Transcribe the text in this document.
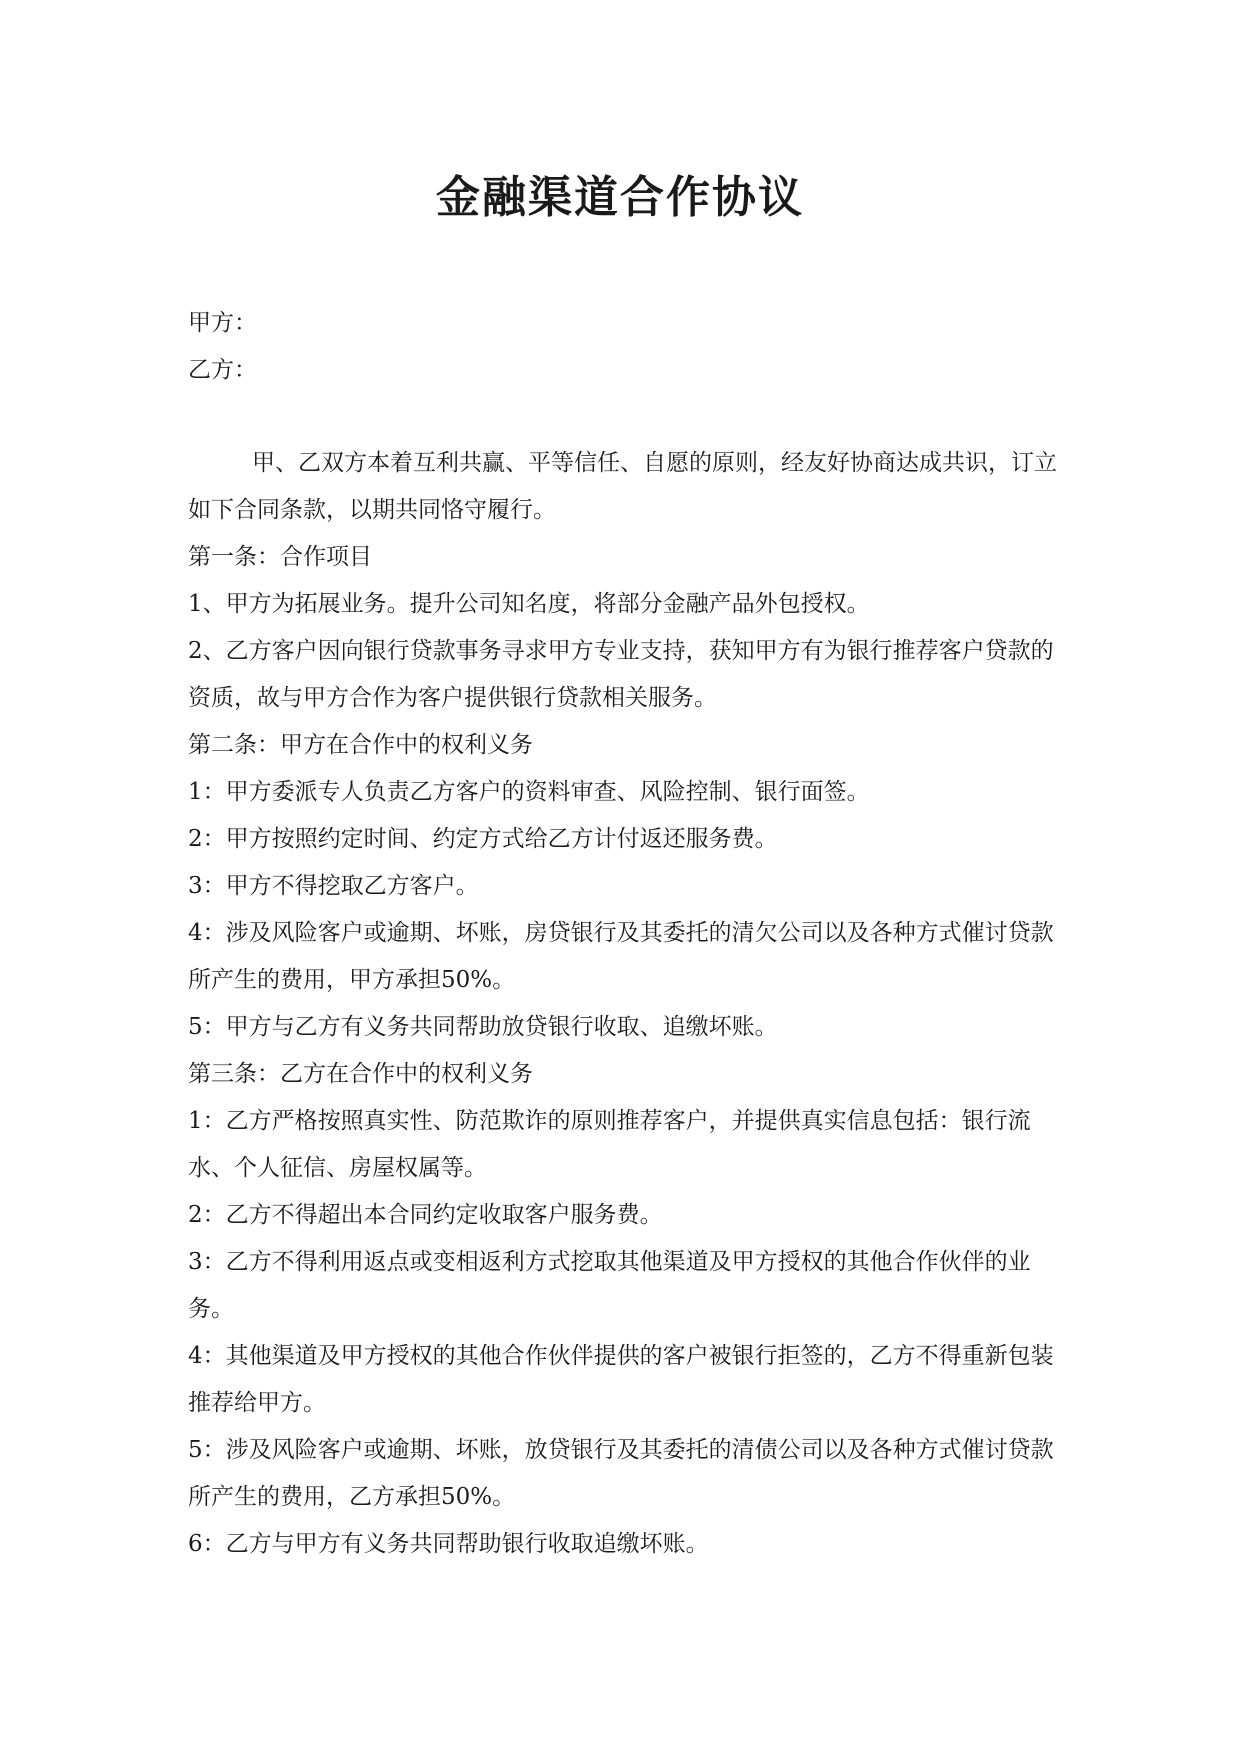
金融渠道合作协议

甲方：

乙方：

甲、乙双方本着互利共赢、平等信任、自愿的原则，经友好协商达成共识，订立如下合同条款，以期共同恪守履行。

第一条：合作项目

1、甲方为拓展业务。提升公司知名度，将部分金融产品外包授权。

2、乙方客户因向银行贷款事务寻求甲方专业支持，获知甲方有为银行推荐客户贷款的资质，故与甲方合作为客户提供银行贷款相关服务。

第二条：甲方在合作中的权利义务

1：甲方委派专人负责乙方客户的资料审查、风险控制、银行面签。

2：甲方按照约定时间、约定方式给乙方计付返还服务费。

3：甲方不得挖取乙方客户。

4：涉及风险客户或逾期、坏账，房贷银行及其委托的清欠公司以及各种方式催讨贷款所产生的费用，甲方承担50%。

5：甲方与乙方有义务共同帮助放贷银行收取、追缴坏账。

第三条：乙方在合作中的权利义务

1：乙方严格按照真实性、防范欺诈的原则推荐客户，并提供真实信息包括：银行流水、个人征信、房屋权属等。

2：乙方不得超出本合同约定收取客户服务费。

3：乙方不得利用返点或变相返利方式挖取其他渠道及甲方授权的其他合作伙伴的业务。

4：其他渠道及甲方授权的其他合作伙伴提供的客户被银行拒签的，乙方不得重新包装推荐给甲方。

5：涉及风险客户或逾期、坏账，放贷银行及其委托的清债公司以及各种方式催讨贷款所产生的费用，乙方承担50%。

6：乙方与甲方有义务共同帮助银行收取追缴坏账。
